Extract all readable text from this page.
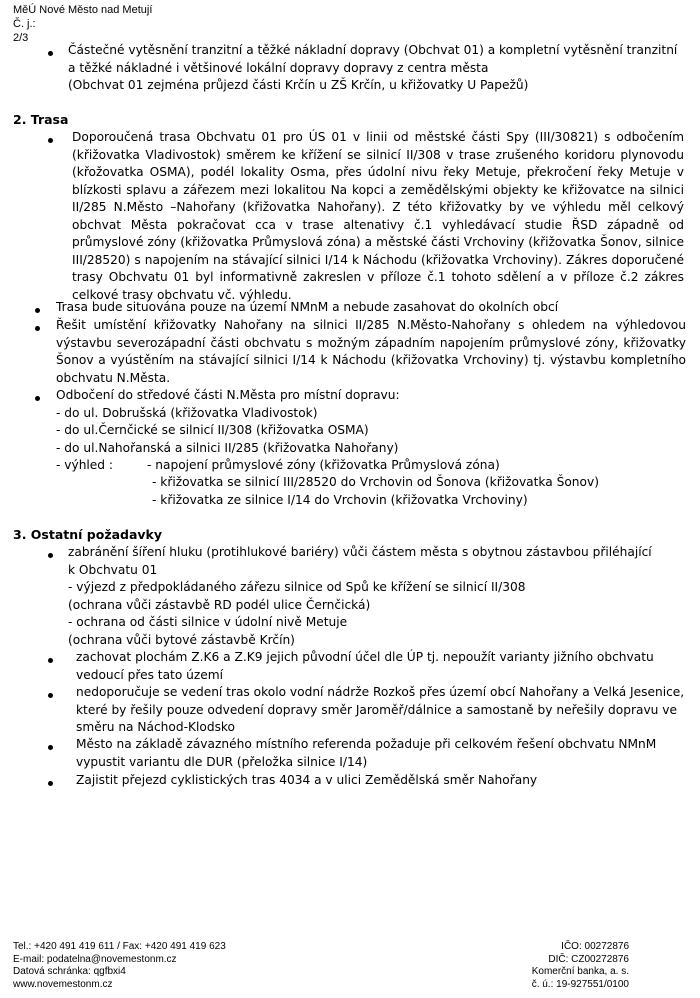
MěÚ Nové Město nad Metují
Č. j.:
2/3
Částečné vytěsnění tranzitní a těžké nákladní dopravy (Obchvat 01) a kompletní vytěsnění tranzitní
a těžké nákladné i většinové lokální dopravy dopravy z centra města
(Obchvat 01 zejména průjezd části Krčín u ZŠ Krčín, u křižovatky U Papežů)
2. Trasa
Doporoučená trasa Obchvatu 01 pro ÚS 01 v linii od městské části Spy (III/30821) s odbočením (křižovatka Vladivostok) směrem ke křížení se silnicí II/308 v trase zrušeného koridoru plynovodu (křožovatka OSMA), podél lokality Osma, přes údolní nivu řeky Metuje, překročení řeky Metuje v blízkosti splavu a zářezem mezi lokalitou Na kopci a zemědělskými objekty ke křižovatce na silnici II/285 N.Město –Nahořany (křižovatka Nahořany). Z této křižovatky by ve výhledu měl celkový obchvat Města pokračovat cca v trase altenativy č.1 vyhledávací studie ŘSD západně od průmyslové zóny (křižovatka Průmyslová zóna) a městské části Vrchoviny (křižovatka Šonov, silnice III/28520) s napojením na stávající silnici I/14 k Náchodu (křižovatka Vrchoviny). Zákres doporučené trasy Obchvatu 01 byl informativně zakreslen v příloze č.1 tohoto sdělení a v příloze č.2 zákres celkové trasy obchvatu vč. výhledu.
Trasa bude situována pouze na území NMnM a nebude zasahovat do okolních obcí
Řešit umístění křižovatky Nahořany na silnici II/285 N.Město-Nahořany s ohledem na výhledovou výstavbu severozápadní části obchvatu s možným západním napojením průmyslové zóny, křižovatky Šonov a vyústěním na stávající silnici I/14 k Náchodu (křižovatka Vrchoviny) tj. výstavbu kompletního obchvatu N.Města.
Odbočení do středové části N.Města pro místní dopravu:
- do ul. Dobrušská (křižovatka Vladivostok)
- do ul.Černčické se silnicí II/308 (křižovatka OSMA)
- do ul.Nahořanská a silnici II/285 (křižovatka Nahořany)
- výhled :	- napojení průmyslové zóny (křižovatka Průmyslová zóna)
- křižovatka se silnicí III/28520 do Vrchovin od Šonova (křižovatka Šonov)
- křižovatka ze silnice I/14 do Vrchovin (křižovatka Vrchoviny)
3. Ostatní požadavky
zabránění šíření hluku (protihlukové bariéry) vůči částem města s obytnou zástavbou přiléhající
k Obchvatu 01
- výjezd z předpokládaného zářezu silnice od Spů ke křížení se silnicí II/308
(ochrana vůči zástavbě RD podél ulice Černčická)
- ochrana od části silnice v údolní nivě Metuje
(ochrana vůči bytové zástavbě Krčín)
zachovat plochám Z.K6 a Z.K9 jejich původní účel dle ÚP tj. nepoužít varianty jižního obchvatu
vedoucí přes tato území
nedoporučuje se vedení tras okolo vodní nádrže Rozkoš přes území obcí Nahořany a Velká Jesenice,
které by řešily pouze odvedení dopravy směr Jaroměř/dálnice a samostaně by neřešily dopravu ve
směru na Náchod-Klodsko
Město na základě závazného místního referenda požaduje při celkovém řešení obchvatu NMnM
vypustit variantu dle DUR (přeložka silnice I/14)
Zajistit přejezd cyklistických tras 4034 a v ulici Zemědělská směr Nahořany
Tel.: +420 491 419 611 / Fax: +420 491 419 623
E-mail: podatelna@novemestonm.cz
Datová schránka: qgfbxi4
www.novemestonm.cz
IČO: 00272876
DIČ: CZ00272876
Komerční banka, a. s.
č. ú.: 19-927551/0100
